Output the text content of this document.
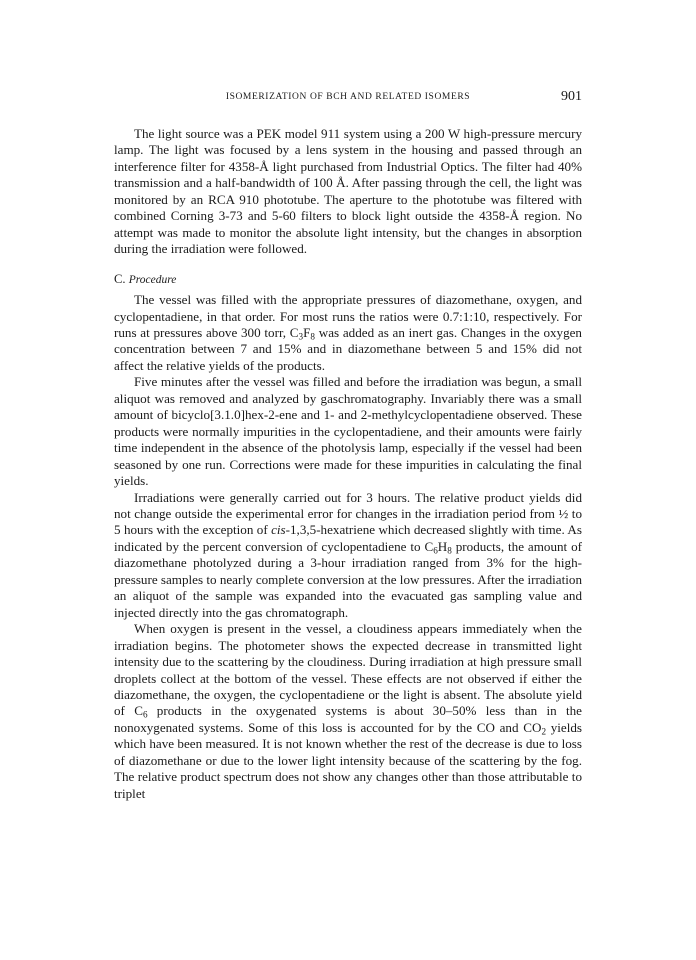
ISOMERIZATION OF BCH AND RELATED ISOMERS	901

The light source was a PEK model 911 system using a 200 W high-pressure mercury lamp. The light was focused by a lens system in the housing and passed through an interference filter for 4358-Å light purchased from Industrial Optics. The filter had 40% transmission and a half-bandwidth of 100 Å. After passing through the cell, the light was monitored by an RCA 910 phototube. The aperture to the phototube was filtered with combined Corning 3-73 and 5-60 filters to block light outside the 4358-Å region. No attempt was made to monitor the absolute light intensity, but the changes in absorption during the irradiation were followed.

C. Procedure

The vessel was filled with the appropriate pressures of diazomethane, oxygen, and cyclopentadiene, in that order. For most runs the ratios were 0.7:1:10, respectively. For runs at pressures above 300 torr, $C_3F_8$ was added as an inert gas. Changes in the oxygen concentration between 7 and 15% and in diazomethane between 5 and 15% did not affect the relative yields of the products.

Five minutes after the vessel was filled and before the irradiation was begun, a small aliquot was removed and analyzed by gaschromatography. Invariably there was a small amount of bicyclo[3.1.0]hex-2-ene and 1- and 2-methylcyclopentadiene observed. These products were normally impurities in the cyclopentadiene, and their amounts were fairly time independent in the absence of the photolysis lamp, especially if the vessel had been seasoned by one run. Corrections were made for these impurities in calculating the final yields.

Irradiations were generally carried out for 3 hours. The relative product yields did not change outside the experimental error for changes in the irradiation period from ½ to 5 hours with the exception of cis-1,3,5-hexatriene which decreased slightly with time. As indicated by the percent conversion of cyclopentadiene to $C_6H_8$ products, the amount of diazomethane photolyzed during a 3-hour irradiation ranged from 3% for the high-pressure samples to nearly complete conversion at the low pressures. After the irradiation an aliquot of the sample was expanded into the evacuated gas sampling value and injected directly into the gas chromatograph.

When oxygen is present in the vessel, a cloudiness appears immediately when the irradiation begins. The photometer shows the expected decrease in transmitted light intensity due to the scattering by the cloudiness. During irradiation at high pressure small droplets collect at the bottom of the vessel. These effects are not observed if either the diazomethane, the oxygen, the cyclopentadiene or the light is absent. The absolute yield of $C_6$ products in the oxygenated systems is about 30–50% less than in the nonoxygenated systems. Some of this loss is accounted for by the CO and $CO_2$ yields which have been measured. It is not known whether the rest of the decrease is due to loss of diazomethane or due to the lower light intensity because of the scattering by the fog. The relative product spectrum does not show any changes other than those attributable to triplet
